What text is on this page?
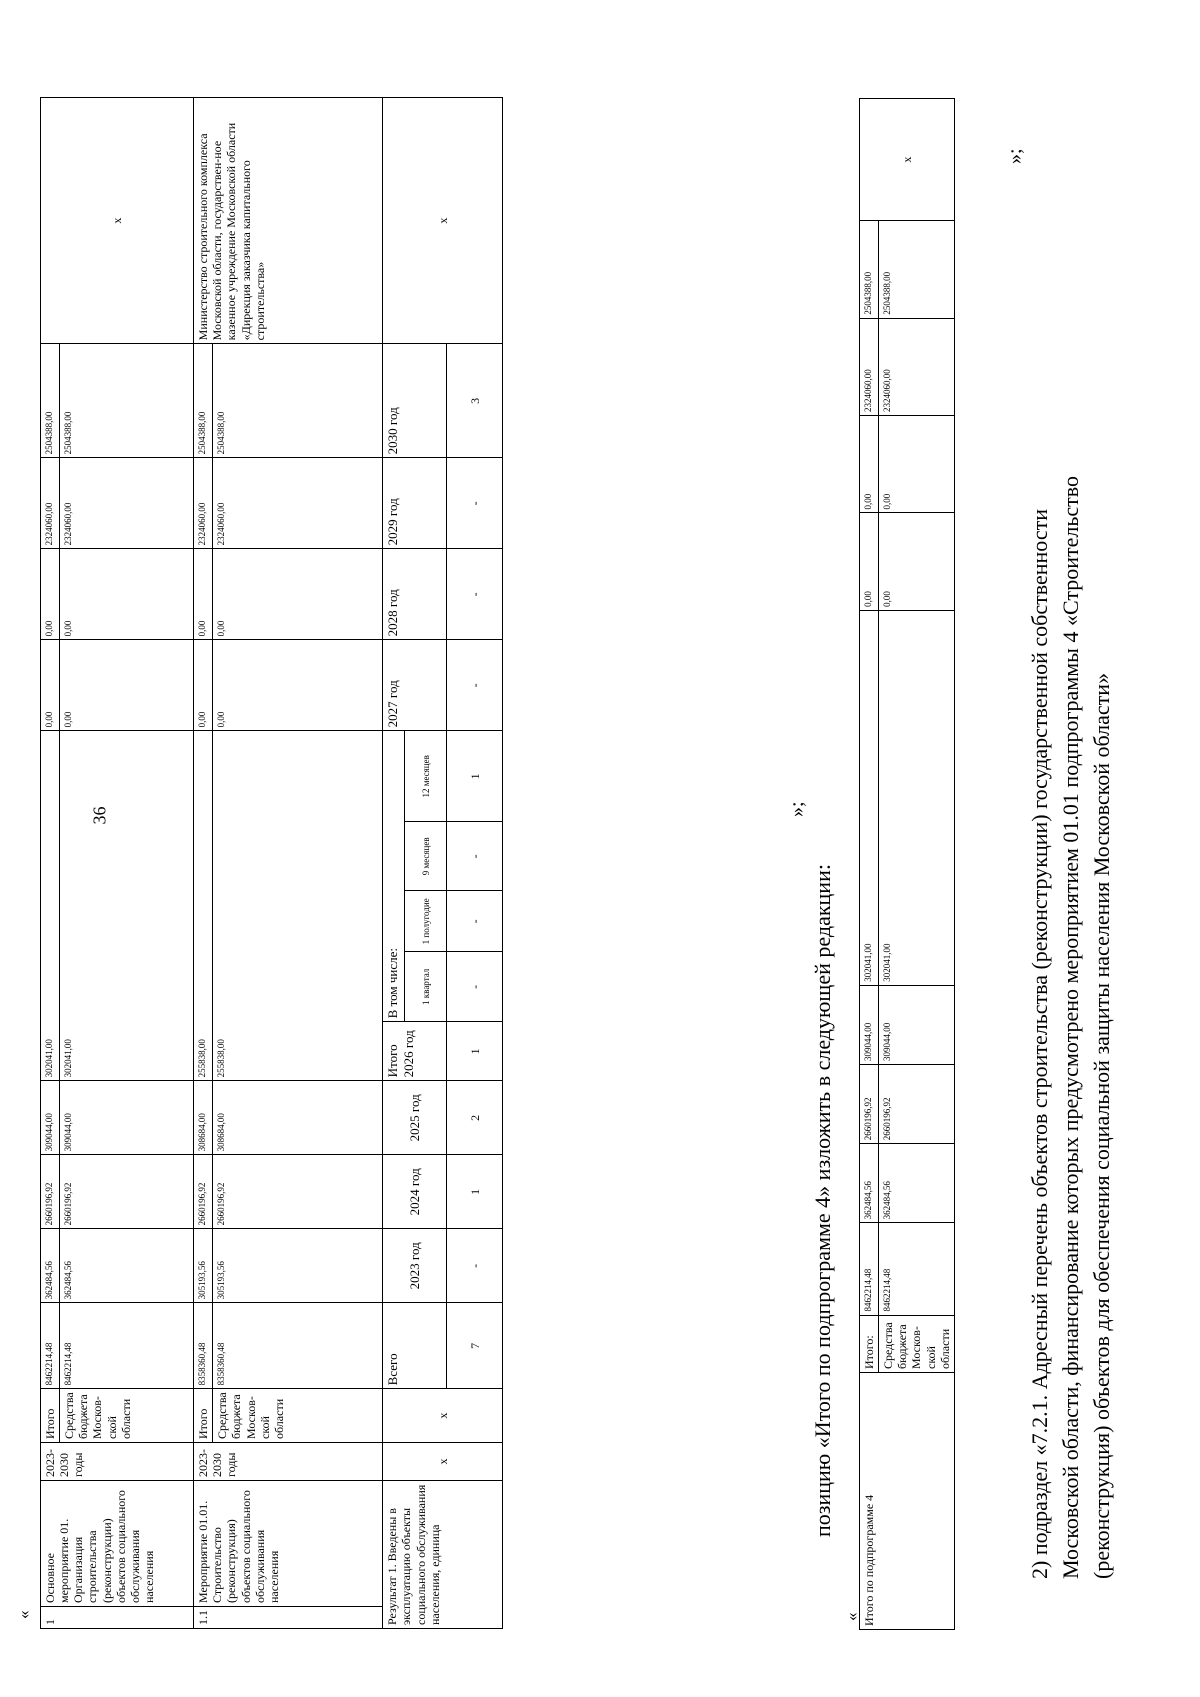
36
«
1	Основное мероприятие 01. Организация строительства (реконструкции) объектов социального обслуживания населения	2023-2030 годы	Итого	8462214,48	362484,56	2660196,92	309044,00	302041,00					0,00	0,00	2324060,00	2504388,00	х
			Средства бюджета Москов-ской области	8462214,48	362484,56	2660196,92	309044,00	302041,00					0,00	0,00	2324060,00	2504388,00	
1.1	Мероприятие 01.01. Строительство (реконструкция) объектов социального обслуживания населения	2023-2030 годы	Итого	8358360,48	305193,56	2660196,92	308684,00	255838,00					0,00	0,00	2324060,00	2504388,00	Министерство строительного комплекса Московской области, государствен-ное казенное учреждение Московской области «Дирекция заказчика капитального строительства»
			Средства бюджета Москов-ской области	8358360,48	305193,56	2660196,92	308684,00	255838,00					0,00	0,00	2324060,00	2504388,00	
Результат 1. Введены в эксплуатацию объекты социального обслуживания населения, единица		х	х	Всего	2023 год	2024 год	2025 год	Итого 2026 год	В том числе:				2027 год	2028 год	2029 год	2030 год	х
									1 квартал	1 полугодие	9 месяцев	12 месяцев					
				7	-	1	2	1	-	-	-	1	-	-	-	3	
»;
позицию «Итого по подпрограмме 4» изложить в следующей редакции:
« Итого по подпрограмме 4	Итого:	8462214,48	362484,56	2660196,92	309044,00	302041,00	0,00	0,00	2324060,00	2504388,00	х
	Средства бюджета Москов-ской области	8462214,48	362484,56	2660196,92	309044,00	302041,00	0,00	0,00	2324060,00	2504388,00	
»;

2) подраздел «7.2.1. Адресный перечень объектов строительства (реконструкции) государственной собственности Московской области, финансирование которых предусмотрено мероприятием 01.01 подпрограммы 4 «Строительство (реконструкция) объектов для обеспечения социальной защиты населения Московской области»
